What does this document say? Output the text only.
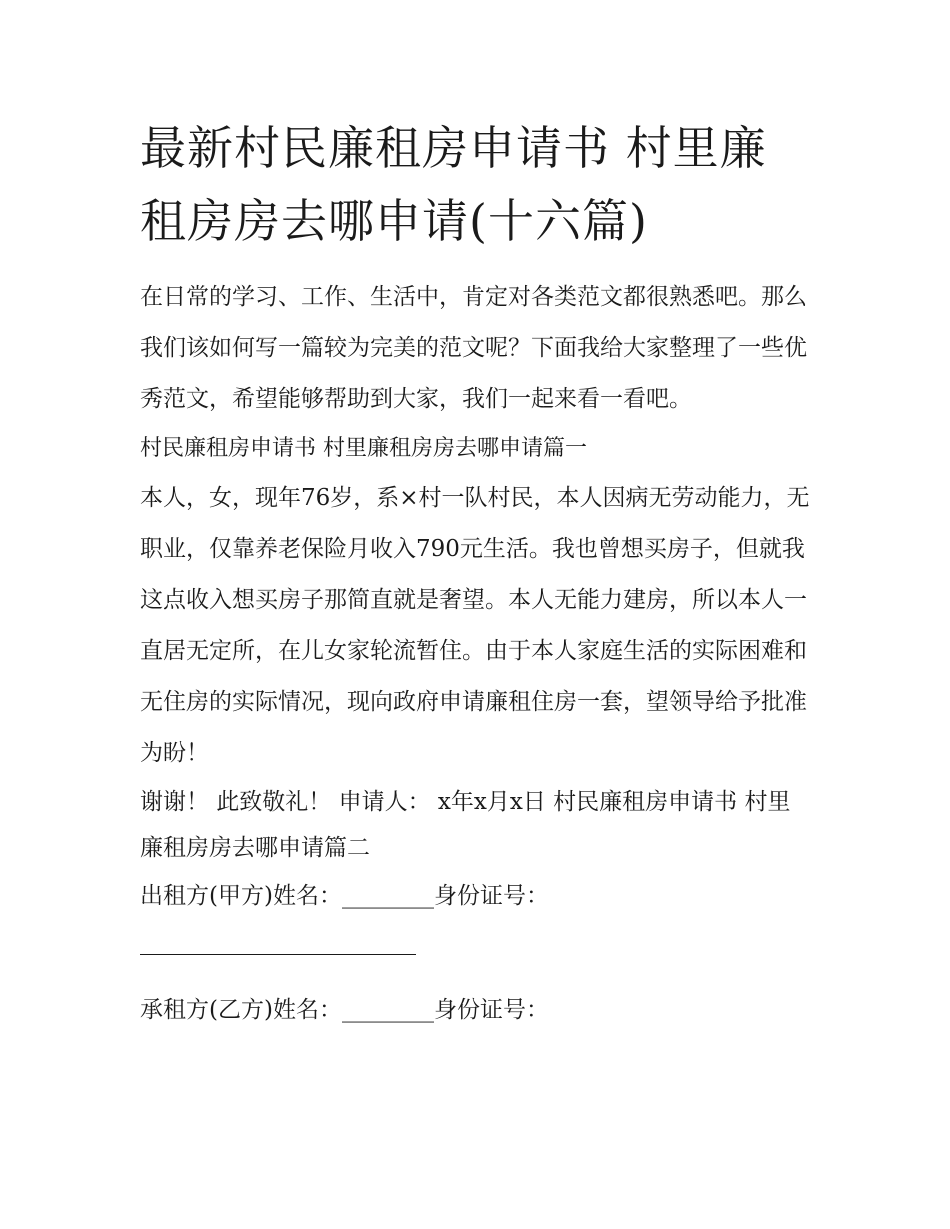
最新村民廉租房申请书 村里廉租房房去哪申请(十六篇)

在日常的学习、工作、生活中，肯定对各类范文都很熟悉吧。那么我们该如何写一篇较为完美的范文呢？下面我给大家整理了一些优秀范文，希望能够帮助到大家，我们一起来看一看吧。

村民廉租房申请书 村里廉租房房去哪申请篇一

本人，女，现年76岁，系×村一队村民，本人因病无劳动能力，无职业，仅靠养老保险月收入790元生活。我也曾想买房子，但就我这点收入想买房子那简直就是奢望。本人无能力建房，所以本人一直居无定所，在儿女家轮流暂住。由于本人家庭生活的实际困难和无住房的实际情况，现向政府申请廉租住房一套，望领导给予批准为盼！

谢谢！ 此致敬礼！ 申请人： x年x月x日 村民廉租房申请书 村里廉租房房去哪申请篇二

出租方(甲方)姓名：________身份证号：

承租方(乙方)姓名：________身份证号：
